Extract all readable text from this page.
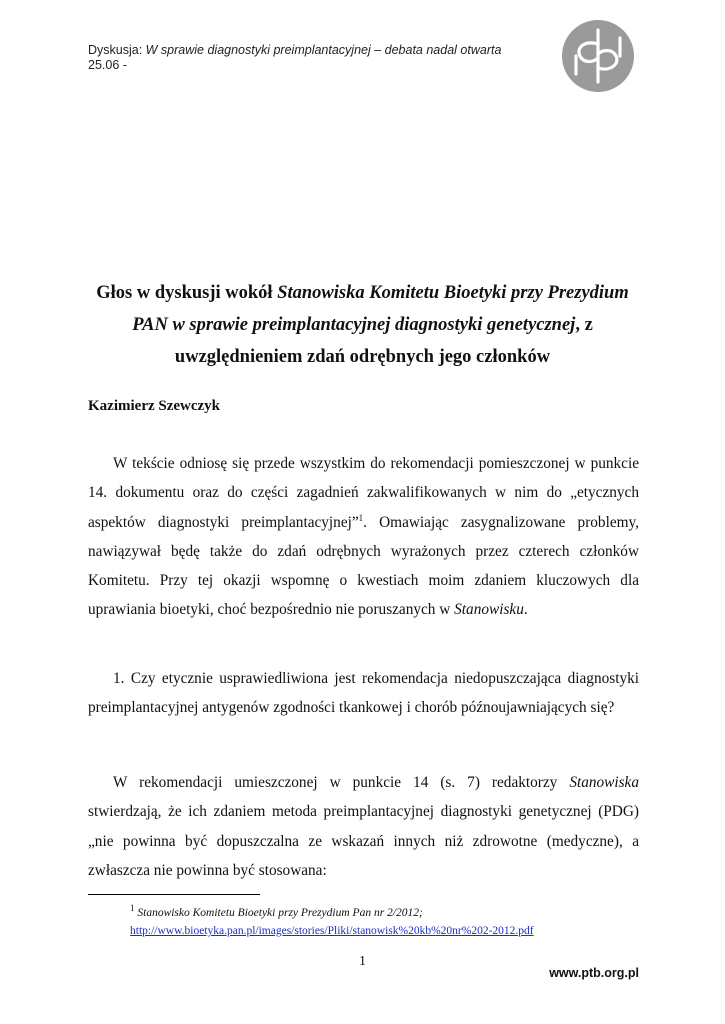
Dyskusja: W sprawie diagnostyki preimplantacyjnej – debata nadal otwarta
25.06 -
Głos w dyskusji wokół Stanowiska Komitetu Bioetyki przy Prezydium PAN w sprawie preimplantacyjnej diagnostyki genetycznej, z uwzględnieniem zdań odrębnych jego członków
Kazimierz Szewczyk
W tekście odniosę się przede wszystkim do rekomendacji pomieszczonej w punkcie 14. dokumentu oraz do części zagadnień zakwalifikowanych w nim do „etycznych aspektów diagnostyki preimplantacyjnej”$^1$. Omawiając zasygnalizowane problemy, nawiązywał będę także do zdań odrębnych wyrażonych przez czterech członków Komitetu. Przy tej okazji wspomnę o kwestiach moim zdaniem kluczowych dla uprawiania bioetyki, choć bezpośrednio nie poruszanych w Stanowisku.
1. Czy etycznie usprawiedliwiona jest rekomendacja niedopuszczająca diagnostyki preimplantacyjnej antygenów zgodności tkankowej i chorób późnoujawniających się?
W rekomendacji umieszczonej w punkcie 14 (s. 7) redaktorzy Stanowiska stwierdzają, że ich zdaniem metoda preimplantacyjnej diagnostyki genetycznej (PDG) „nie powinna być dopuszczalna ze wskazań innych niż zdrowotne (medyczne), a zwłaszcza nie powinna być stosowana:
$^1$ Stanowisko Komitetu Bioetyki przy Prezydium Pan nr 2/2012;
http://www.bioetyka.pan.pl/images/stories/Pliki/stanowisk%20kb%20nr%202-2012.pdf
1
www.ptb.org.pl
